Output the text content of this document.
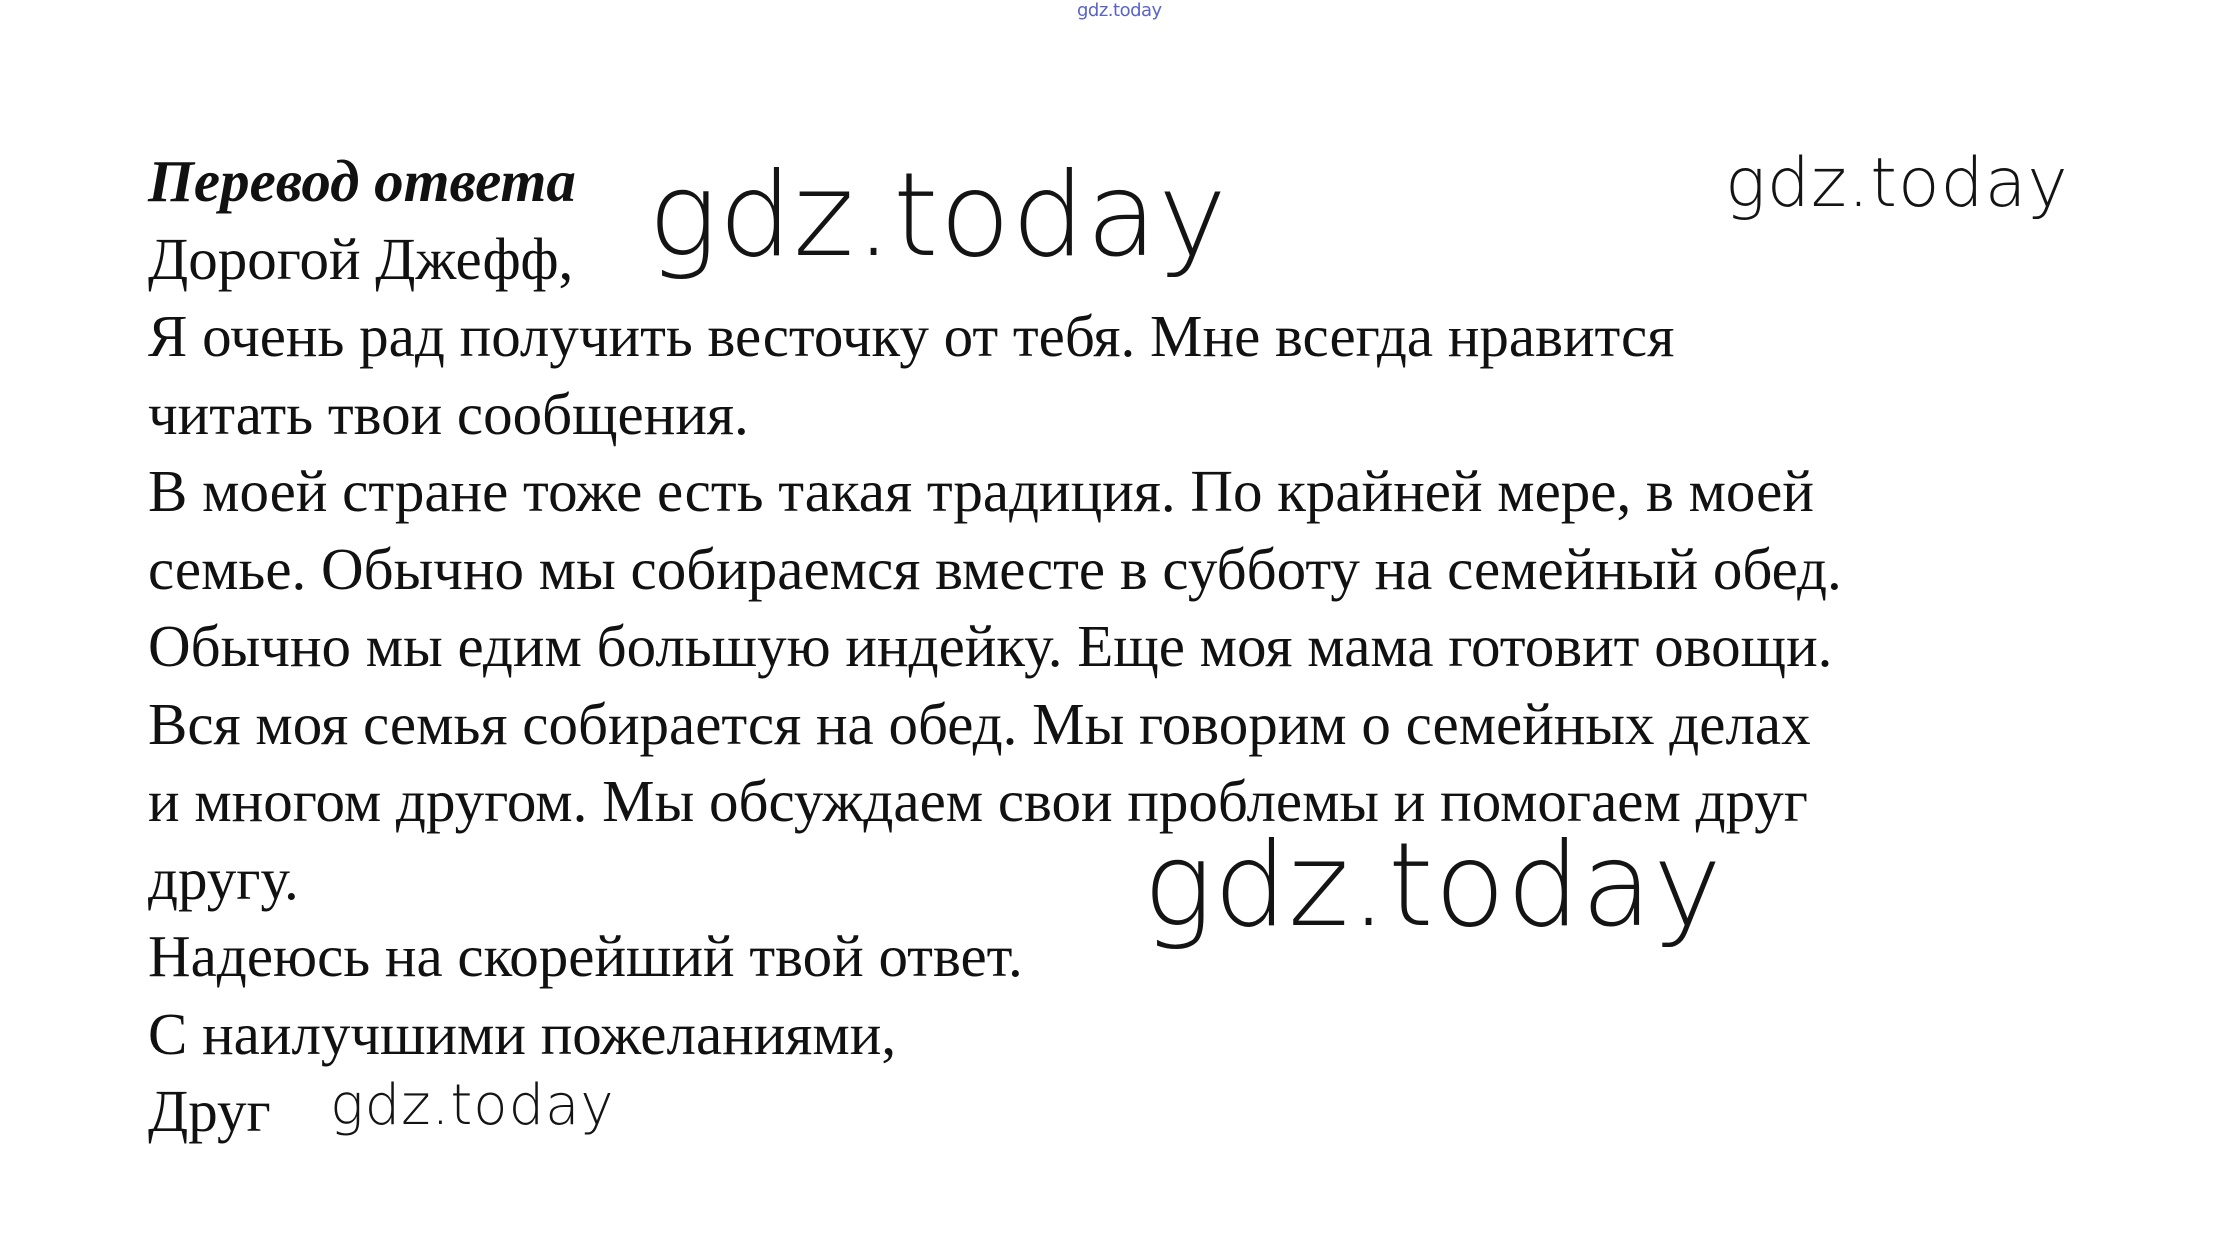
gdz.today
Перевод ответа
Дорогой Джефф,
Я очень рад получить весточку от тебя. Мне всегда нравится
читать твои сообщения.
В моей стране тоже есть такая традиция. По крайней мере, в моей
семье. Обычно мы собираемся вместе в субботу на семейный обед.
Обычно мы едим большую индейку. Еще моя мама готовит овощи.
Вся моя семья собирается на обед. Мы говорим о семейных делах
и многом другом. Мы обсуждаем свои проблемы и помогаем друг
другу.
Надеюсь на скорейший твой ответ.
С наилучшими пожеланиями,
Друг
gdz.today	gdz.today
gdz.today
gdz.today
